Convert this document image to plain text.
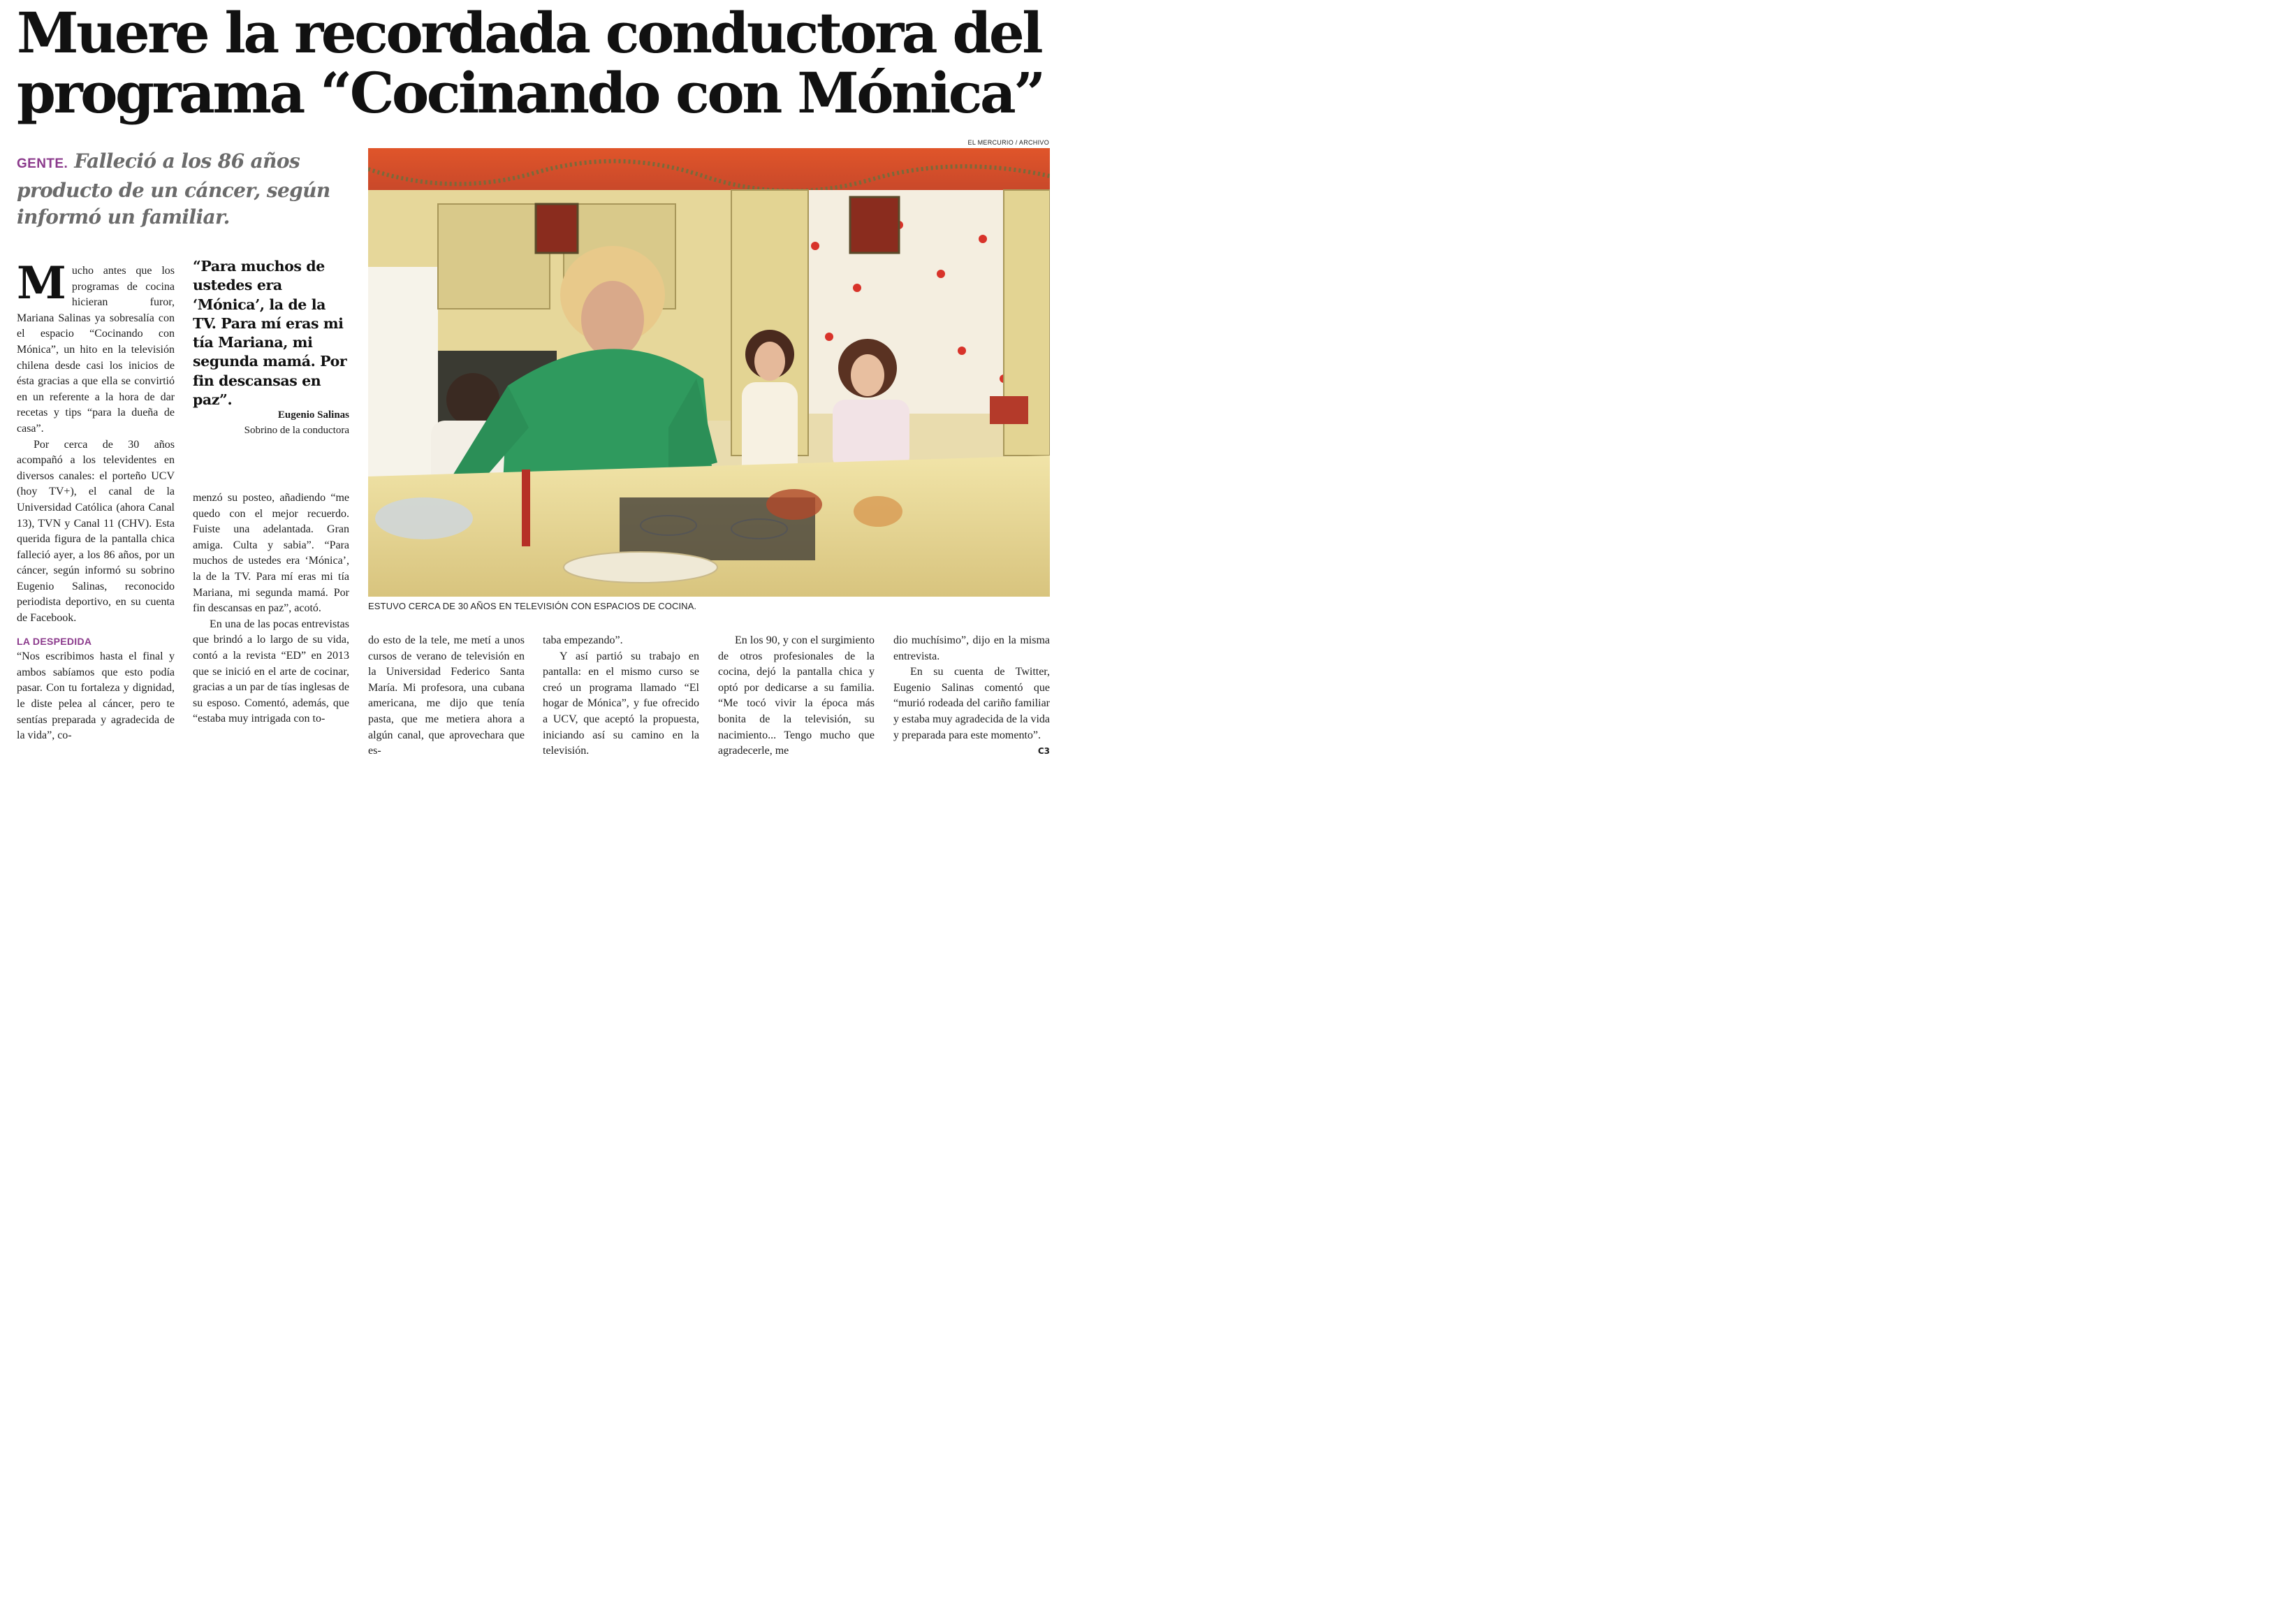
Muere la recordada conductora del
programa “Cocinando con Mónica”
EL MERCURIO / ARCHIVO
GENTE. Falleció a los 86 años producto de un cáncer, según informó un familiar.
ESTUVO CERCA DE 30 AÑOS EN TELEVISIÓN CON ESPACIOS DE COCINA.

Mucho antes que los programas de cocina hicieran furor, Mariana Salinas ya sobresalía con el espacio “Cocinando con Mónica”, un hito en la televisión chilena desde casi los inicios de ésta gracias a que ella se convirtió en un referente a la hora de dar recetas y tips “para la dueña de casa”.

Por cerca de 30 años acompañó a los televidentes en diversos canales: el porteño UCV (hoy TV+), el canal de la Universidad Católica (ahora Canal 13), TVN y Canal 11 (CHV). Esta querida figura de la pantalla chica falleció ayer, a los 86 años, por un cáncer, según informó su sobrino Eugenio Salinas, reconocido periodista deportivo, en su cuenta de Facebook.

LA DESPEDIDA

“Nos escribimos hasta el final y ambos sabíamos que esto podía pasar. Con tu fortaleza y dignidad, le diste pelea al cáncer, pero te sentías preparada y agradecida de la vida”, co-

“Para muchos de ustedes era ‘Mónica’, la de la TV. Para mí eras mi tía Mariana, mi segunda mamá. Por fin descansas en paz”.
Eugenio Salinas
Sobrino de la conductora

menzó su posteo, añadiendo “me quedo con el mejor recuerdo. Fuiste una adelantada. Gran amiga. Culta y sabia”. “Para muchos de ustedes era ‘Mónica’, la de la TV. Para mí eras mi tía Mariana, mi segunda mamá. Por fin descansas en paz”, acotó.

En una de las pocas entrevistas que brindó a lo largo de su vida, contó a la revista “ED” en 2013 que se inició en el arte de cocinar, gracias a un par de tías inglesas de su esposo. Comentó, además, que “estaba muy intrigada con to-

do esto de la tele, me metí a unos cursos de verano de televisión en la Universidad Federico Santa María. Mi profesora, una cubana americana, me dijo que tenía pasta, que me metiera ahora a algún canal, que aprovechara que es-

taba empezando”.

Y así partió su trabajo en pantalla: en el mismo curso se creó un programa llamado “El hogar de Mónica”, y fue ofrecido a UCV, que aceptó la propuesta, iniciando así su camino en la televisión.

En los 90, y con el surgimiento de otros profesionales de la cocina, dejó la pantalla chica y optó por dedicarse a su familia. “Me tocó vivir la época más bonita de la televisión, su nacimiento... Tengo mucho que agradecerle, me

dio muchísimo”, dijo en la misma entrevista.

En su cuenta de Twitter, Eugenio Salinas comentó que “murió rodeada del cariño familiar y estaba muy agradecida de la vida y preparada para este momento”.
C3
